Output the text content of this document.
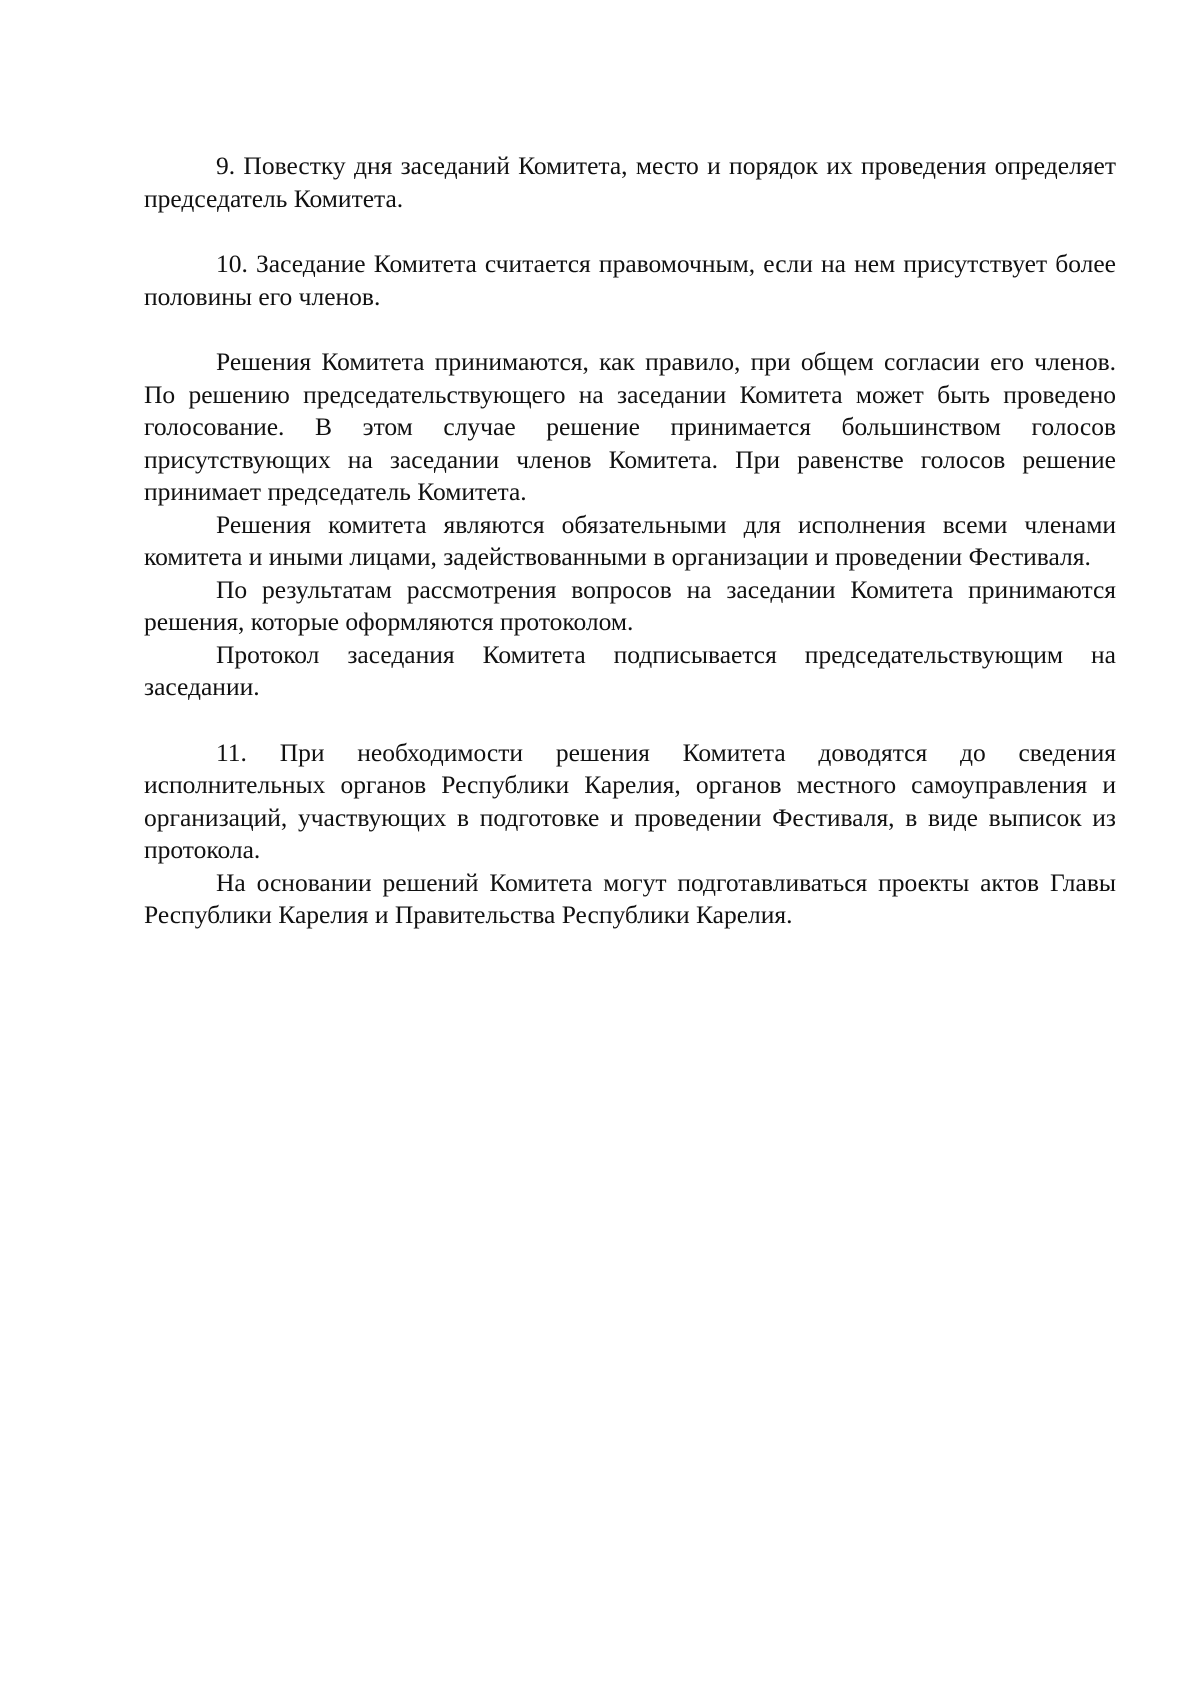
9. Повестку дня заседаний Комитета, место и порядок их проведения определяет председатель Комитета.

10. Заседание Комитета считается правомочным, если на нем присутствует более половины его членов.

Решения Комитета принимаются, как правило, при общем согласии его членов. По решению председательствующего на заседании Комитета может быть проведено голосование. В этом случае решение принимается большинством голосов присутствующих на заседании членов Комитета. При равенстве голосов решение принимает председатель Комитета.

Решения комитета являются обязательными для исполнения всеми членами комитета и иными лицами, задействованными в организации и проведении Фестиваля.

По результатам рассмотрения вопросов на заседании Комитета принимаются решения, которые оформляются протоколом.

Протокол заседания Комитета подписывается председательствующим на заседании.

11. При необходимости решения Комитета доводятся до сведения исполнительных органов Республики Карелия, органов местного самоуправления и организаций, участвующих в подготовке и проведении Фестиваля, в виде выписок из протокола.

На основании решений Комитета могут подготавливаться проекты актов Главы Республики Карелия и Правительства Республики Карелия.
